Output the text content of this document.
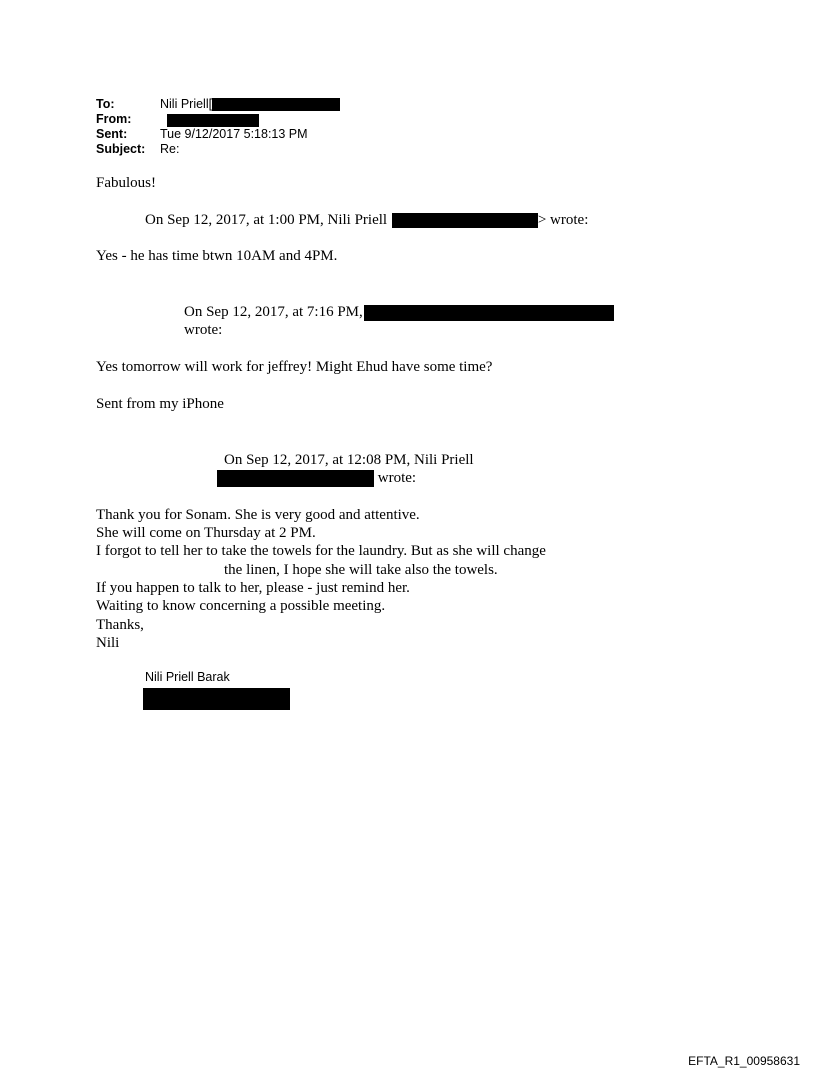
To:	Nili Priell[
From:
Sent:	Tue 9/12/2017 5:18:13 PM
Subject: Re:
Fabulous!
On Sep 12, 2017, at 1:00 PM, Nili Priell	> wrote:
Yes - he has time btwn 10AM and 4PM.
On Sep 12, 2017, at 7:16 PM,
wrote:
Yes tomorrow will work for jeffrey! Might Ehud have some time?
Sent from my iPhone
On Sep 12, 2017, at 12:08 PM, Nili Priell
wrote:
Thank you for Sonam. She is very good and attentive.
She will come on Thursday at 2 PM.
I forgot to tell her to take the towels for the laundry. But as she will change
the linen, I hope she will take also the towels.
If you happen to talk to her, please - just remind her.
Waiting to know concerning a possible meeting.
Thanks,
Nili
Nili Priell Barak
EFTA_R1_00958631
